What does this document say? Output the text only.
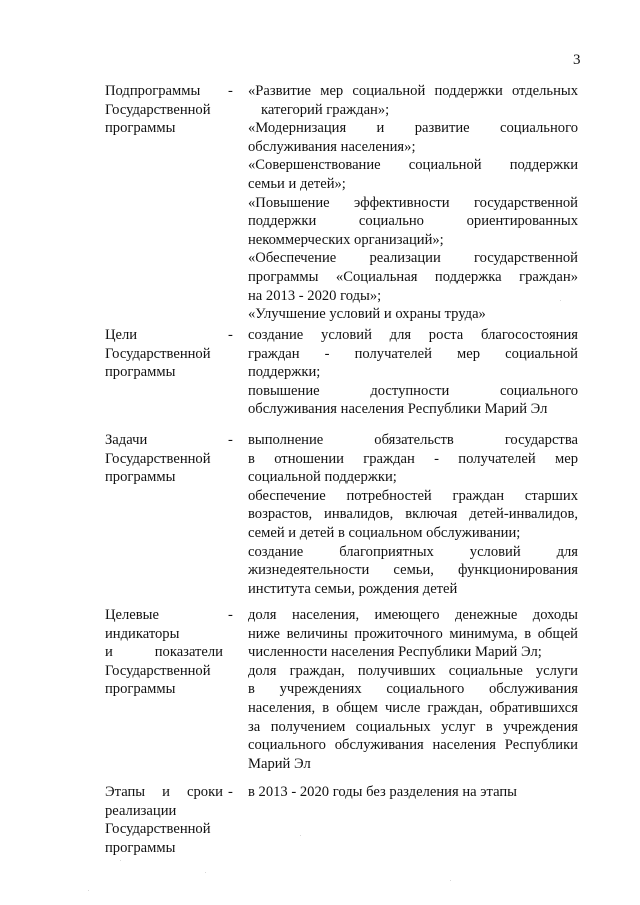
3
Подпрограммы
Государственной
программы
- «Развитие мер социальной поддержки отдельных
категорий граждан»;
«Модернизация и развитие социального
обслуживания населения»;
«Совершенствование социальной поддержки
семьи и детей»;
«Повышение эффективности государственной
поддержки социально ориентированных
некоммерческих организаций»;
«Обеспечение реализации государственной
программы «Социальная поддержка граждан»
на 2013 - 2020 годы»;
«Улучшение условий и охраны труда»
Цели
Государственной
программы
- создание условий для роста благосостояния
граждан - получателей мер социальной
поддержки;
повышение доступности социального
обслуживания населения Республики Марий Эл
Задачи
Государственной
программы
- выполнение обязательств государства
в отношении граждан - получателей мер
социальной поддержки;
обеспечение потребностей граждан старших
возрастов, инвалидов, включая детей-инвалидов,
семей и детей в социальном обслуживании;
создание благоприятных условий для
жизнедеятельности семьи, функционирования
института семьи, рождения детей
Целевые
индикаторы
и показатели
Государственной
программы
- доля населения, имеющего денежные доходы
ниже величины прожиточного минимума, в общей
численности населения Республики Марий Эл;
доля граждан, получивших социальные услуги
в учреждениях социального обслуживания
населения, в общем числе граждан, обратившихся
за получением социальных услуг в учреждения
социального обслуживания населения Республики
Марий Эл
Этапы и сроки
реализации
Государственной
программы
- в 2013 - 2020 годы без разделения на этапы
